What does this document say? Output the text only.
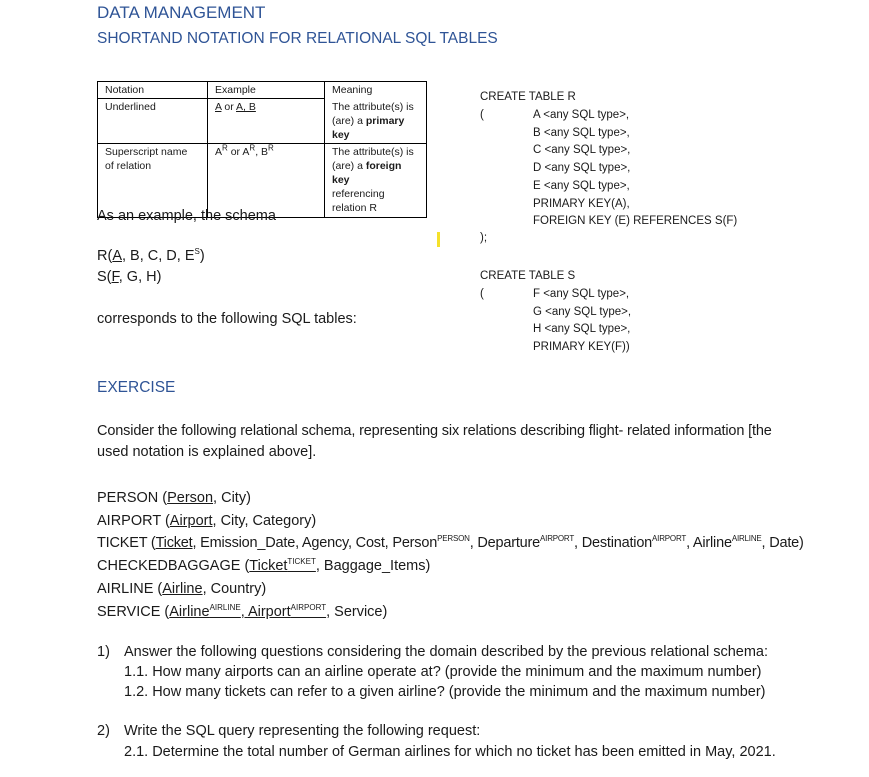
DATA MANAGEMENT
SHORTAND NOTATION FOR RELATIONAL SQL TABLES
Notation	Example	Meaning
Underlined	A or A, B	The attribute(s) is
(are) a primary key
Superscript name
of relation	$A^R$ or $A^R$, $B^R$	The attribute(s) is
(are) a foreign key
referencing
relation R
As an example, the schema
R(A, B, C, D, $E^S$)
S(F, G, H)
corresponds to the following SQL tables:
CREATE TABLE R
(	A <any SQL type>,
B <any SQL type>,
C <any SQL type>,
D <any SQL type>,
E <any SQL type>,
PRIMARY KEY(A),
FOREIGN KEY (E) REFERENCES S(F)
);
CREATE TABLE S
(	F <any SQL type>,
G <any SQL type>,
H <any SQL type>,
PRIMARY KEY(F))
EXERCISE
Consider the following relational schema, representing six relations describing flight- related information [the
used notation is explained above].
PERSON (Person, City)
AIRPORT (Airport, City, Category)
TICKET (Ticket, Emission_Date, Agency, Cost, Person$^{PERSON}$, Departure$^{AIRPORT}$, Destination$^{AIRPORT}$, Airline$^{AIRLINE}$, Date)
CHECKEDBAGGAGE (Ticket$^{TICKET}$, Baggage_Items)
AIRLINE (Airline, Country)
SERVICE (Airline$^{AIRLINE}$, Airport$^{AIRPORT}$, Service)
1) Answer the following questions considering the domain described by the previous relational schema:
1.1. How many airports can an airline operate at? (provide the minimum and the maximum number)
1.2. How many tickets can refer to a given airline? (provide the minimum and the maximum number)
2) Write the SQL query representing the following request:
2.1. Determine the total number of German airlines for which no ticket has been emitted in May, 2021.
